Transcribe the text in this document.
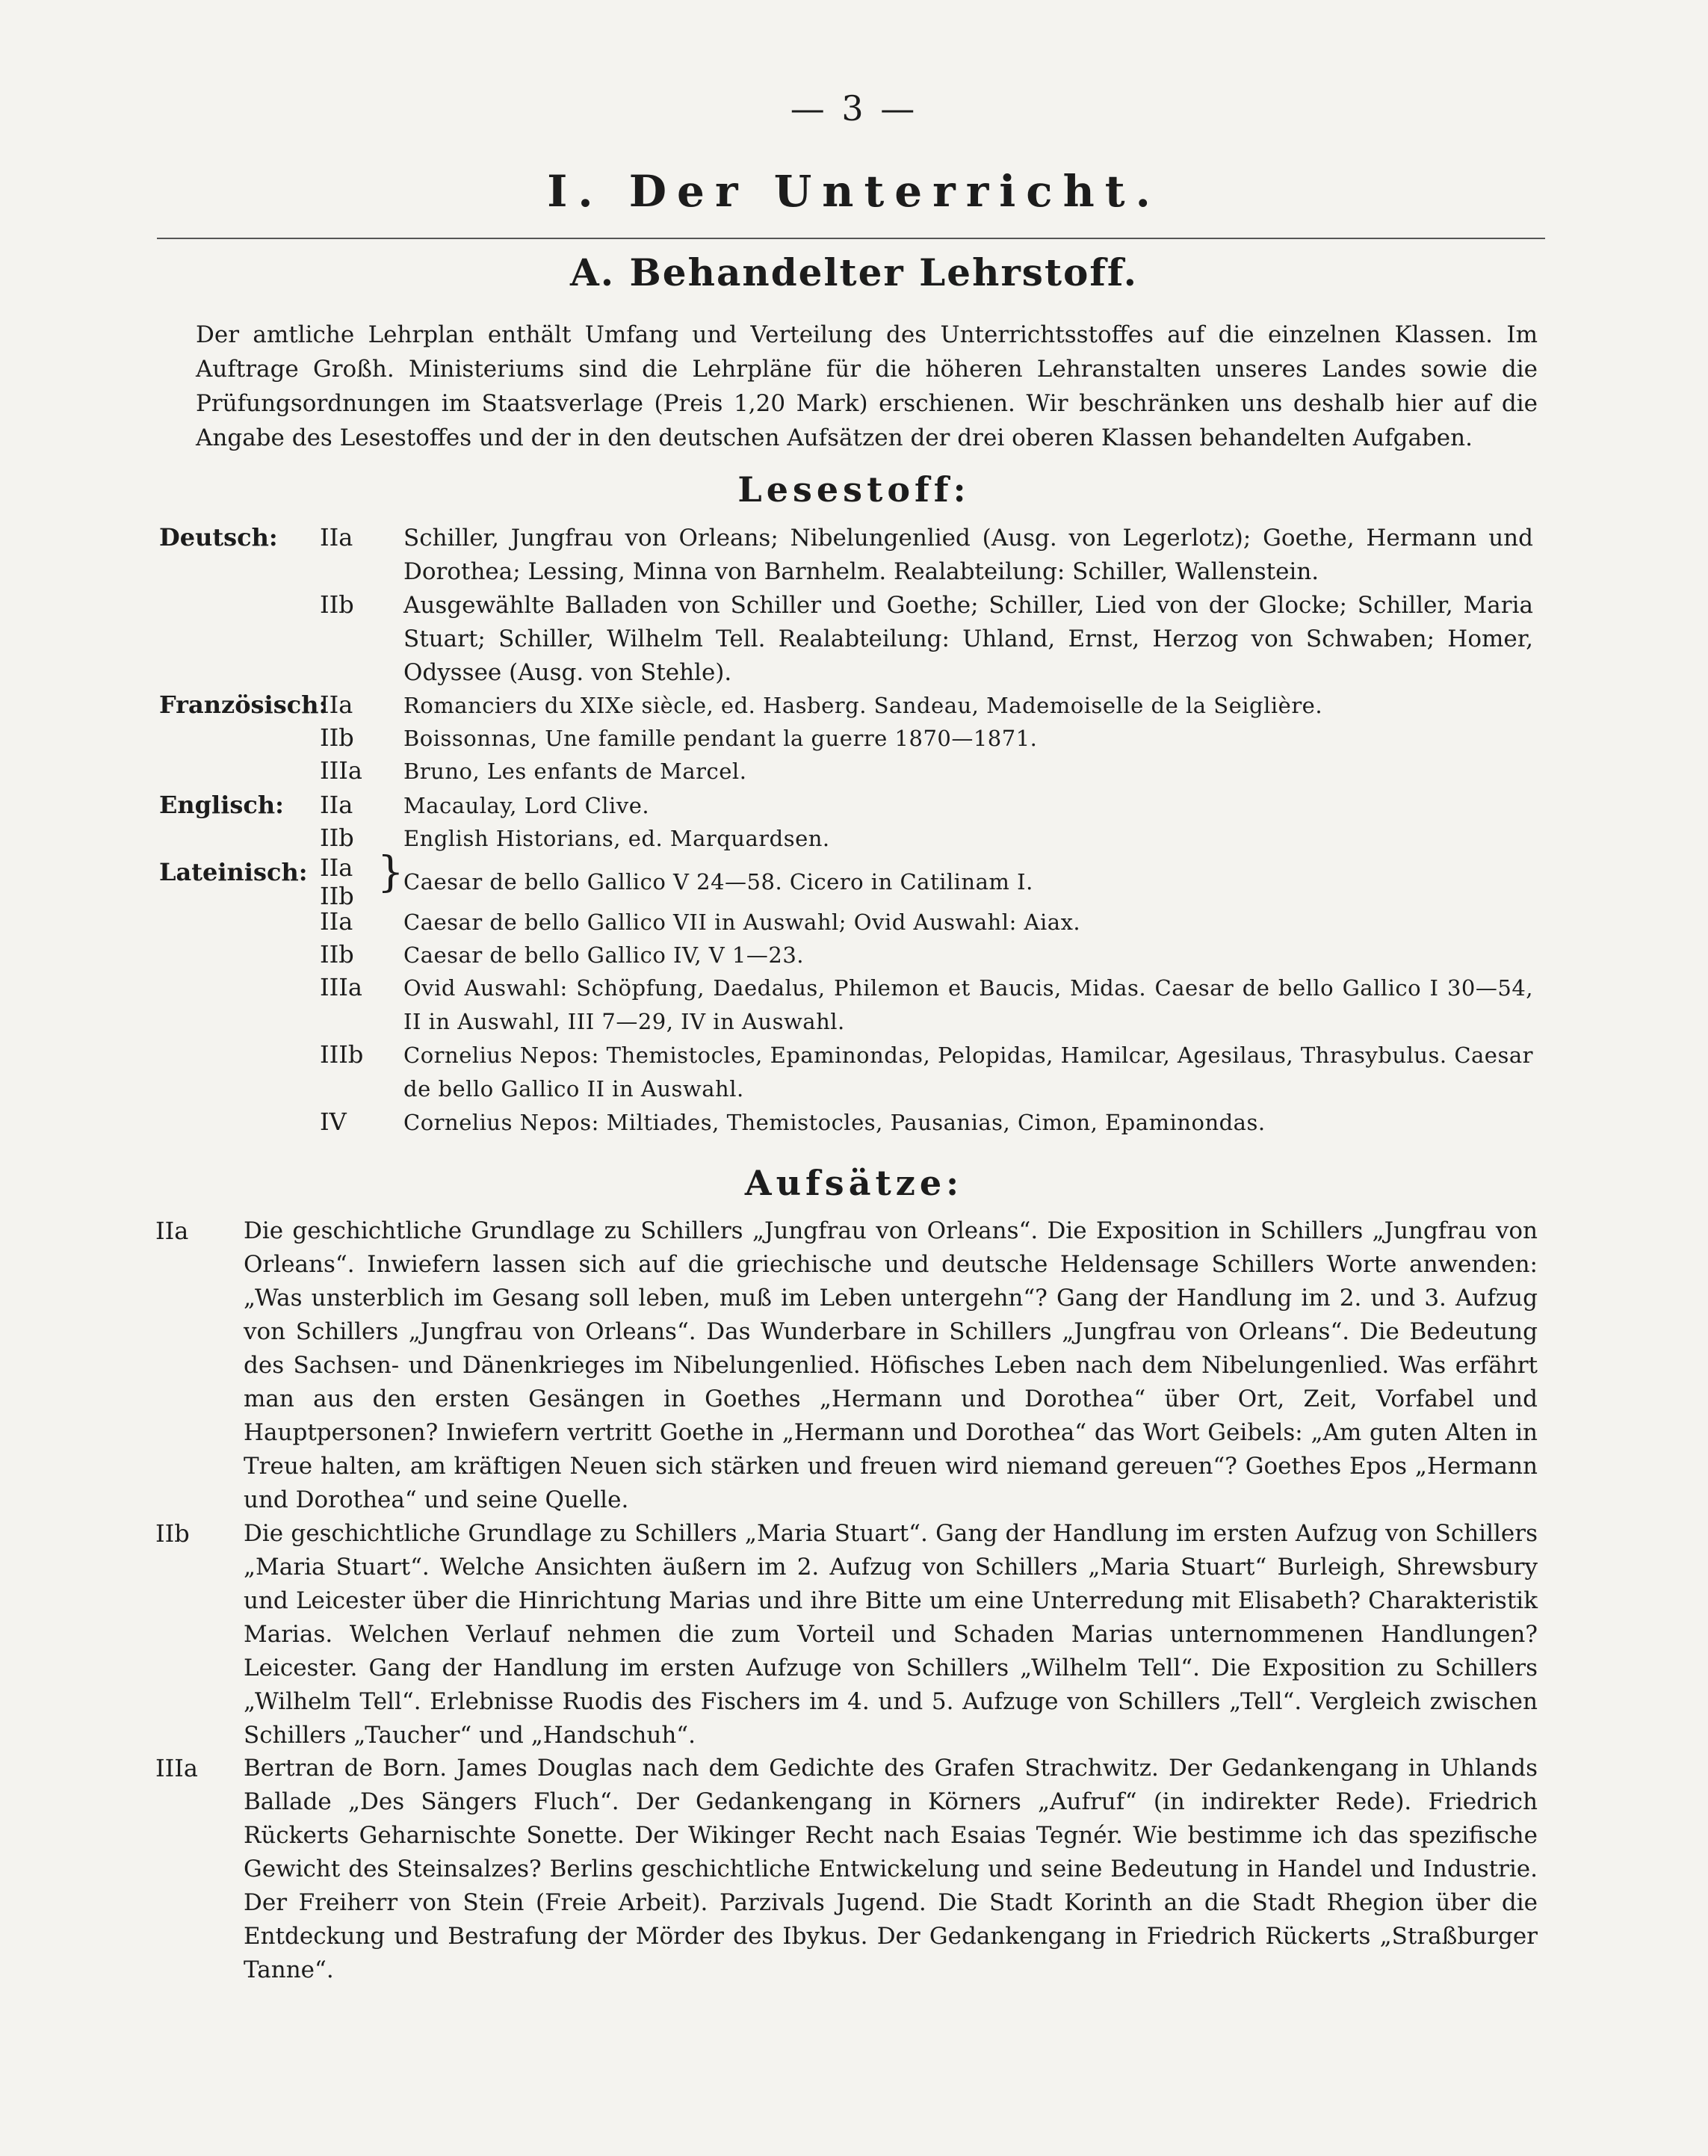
— 3 —
I. Der Unterricht.
A. Behandelter Lehrstoff.
Der amtliche Lehrplan enthält Umfang und Verteilung des Unterrichtsstoffes auf die einzelnen Klassen. Im Auftrage Großh. Ministeriums sind die Lehrpläne für die höheren Lehranstalten unseres Landes sowie die Prüfungsordnungen im Staatsverlage (Preis 1,20 Mark) erschienen. Wir beschränken uns deshalb hier auf die Angabe des Lesestoffes und der in den deutschen Aufsätzen der drei oberen Klassen behandelten Aufgaben.
Lesestoff:
Deutsch: IIa Schiller, Jungfrau von Orleans; Nibelungenlied (Ausg. von Legerlotz); Goethe, Hermann und Dorothea; Lessing, Minna von Barnhelm. Realabteilung: Schiller, Wallenstein.
IIb Ausgewählte Balladen von Schiller und Goethe; Schiller, Lied von der Glocke; Schiller, Maria Stuart; Schiller, Wilhelm Tell. Realabteilung: Uhland, Ernst, Herzog von Schwaben; Homer, Odyssee (Ausg. von Stehle).
Französisch:
IIa Romanciers du XIXe siècle, ed. Hasberg. Sandeau, Mademoiselle de la Seiglière.
IIb Boissonnas, Une famille pendant la guerre 1870—1871.
IIIa Bruno, Les enfants de Marcel.
Englisch: IIa Macaulay, Lord Clive.
IIb English Historians, ed. Marquardsen.
Lateinisch: IIa
IIb } Caesar de bello Gallico V 24—58. Cicero in Catilinam I.
IIa Caesar de bello Gallico VII in Auswahl; Ovid Auswahl: Aiax.
IIb Caesar de bello Gallico IV, V 1—23.
IIIa Ovid Auswahl: Schöpfung, Daedalus, Philemon et Baucis, Midas. Caesar de bello Gallico I 30—54, II in Auswahl, III 7—29, IV in Auswahl.
IIIb Cornelius Nepos: Themistocles, Epaminondas, Pelopidas, Hamilcar, Agesilaus, Thrasybulus. Caesar de bello Gallico II in Auswahl.
IV	Cornelius Nepos: Miltiades, Themistocles, Pausanias, Cimon, Epaminondas.
Aufsätze:
IIa Die geschichtliche Grundlage zu Schillers „Jungfrau von Orleans“. Die Exposition in Schillers „Jungfrau von Orleans“. Inwiefern lassen sich auf die griechische und deutsche Heldensage Schillers Worte anwenden: „Was unsterblich im Gesang soll leben, muß im Leben untergehn“? Gang der Handlung im 2. und 3. Aufzug von Schillers „Jungfrau von Orleans“. Das Wunderbare in Schillers „Jungfrau von Orleans“. Die Bedeutung des Sachsen- und Dänenkrieges im Nibelungenlied. Höfisches Leben nach dem Nibelungenlied. Was erfährt man aus den ersten Gesängen in Goethes „Hermann und Dorothea“ über Ort, Zeit, Vorfabel und Hauptpersonen? Inwiefern vertritt Goethe in „Hermann und Dorothea“ das Wort Geibels: „Am guten Alten in Treue halten, am kräftigen Neuen sich stärken und freuen wird niemand gereuen“? Goethes Epos „Hermann und Dorothea“ und seine Quelle.
IIb Die geschichtliche Grundlage zu Schillers „Maria Stuart“. Gang der Handlung im ersten Aufzug von Schillers „Maria Stuart“. Welche Ansichten äußern im 2. Aufzug von Schillers „Maria Stuart“ Burleigh, Shrewsbury und Leicester über die Hinrichtung Marias und ihre Bitte um eine Unterredung mit Elisabeth? Charakteristik Marias. Welchen Verlauf nehmen die zum Vorteil und Schaden Marias unternommenen Handlungen? Leicester. Gang der Handlung im ersten Aufzuge von Schillers „Wilhelm Tell“. Die Exposition zu Schillers „Wilhelm Tell“. Erlebnisse Ruodis des Fischers im 4. und 5. Aufzuge von Schillers „Tell“. Vergleich zwischen Schillers „Taucher“ und „Handschuh“.
IIIa Bertran de Born. James Douglas nach dem Gedichte des Grafen Strachwitz. Der Gedankengang in Uhlands Ballade „Des Sängers Fluch“. Der Gedankengang in Körners „Aufruf“ (in indirekter Rede). Friedrich Rückerts Geharnischte Sonette. Der Wikinger Recht nach Esaias Tegnér. Wie bestimme ich das spezifische Gewicht des Steinsalzes? Berlins geschichtliche Entwickelung und seine Bedeutung in Handel und Industrie. Der Freiherr von Stein (Freie Arbeit). Parzivals Jugend. Die Stadt Korinth an die Stadt Rhegion über die Entdeckung und Bestrafung der Mörder des Ibykus. Der Gedankengang in Friedrich Rückerts „Straßburger Tanne“.
